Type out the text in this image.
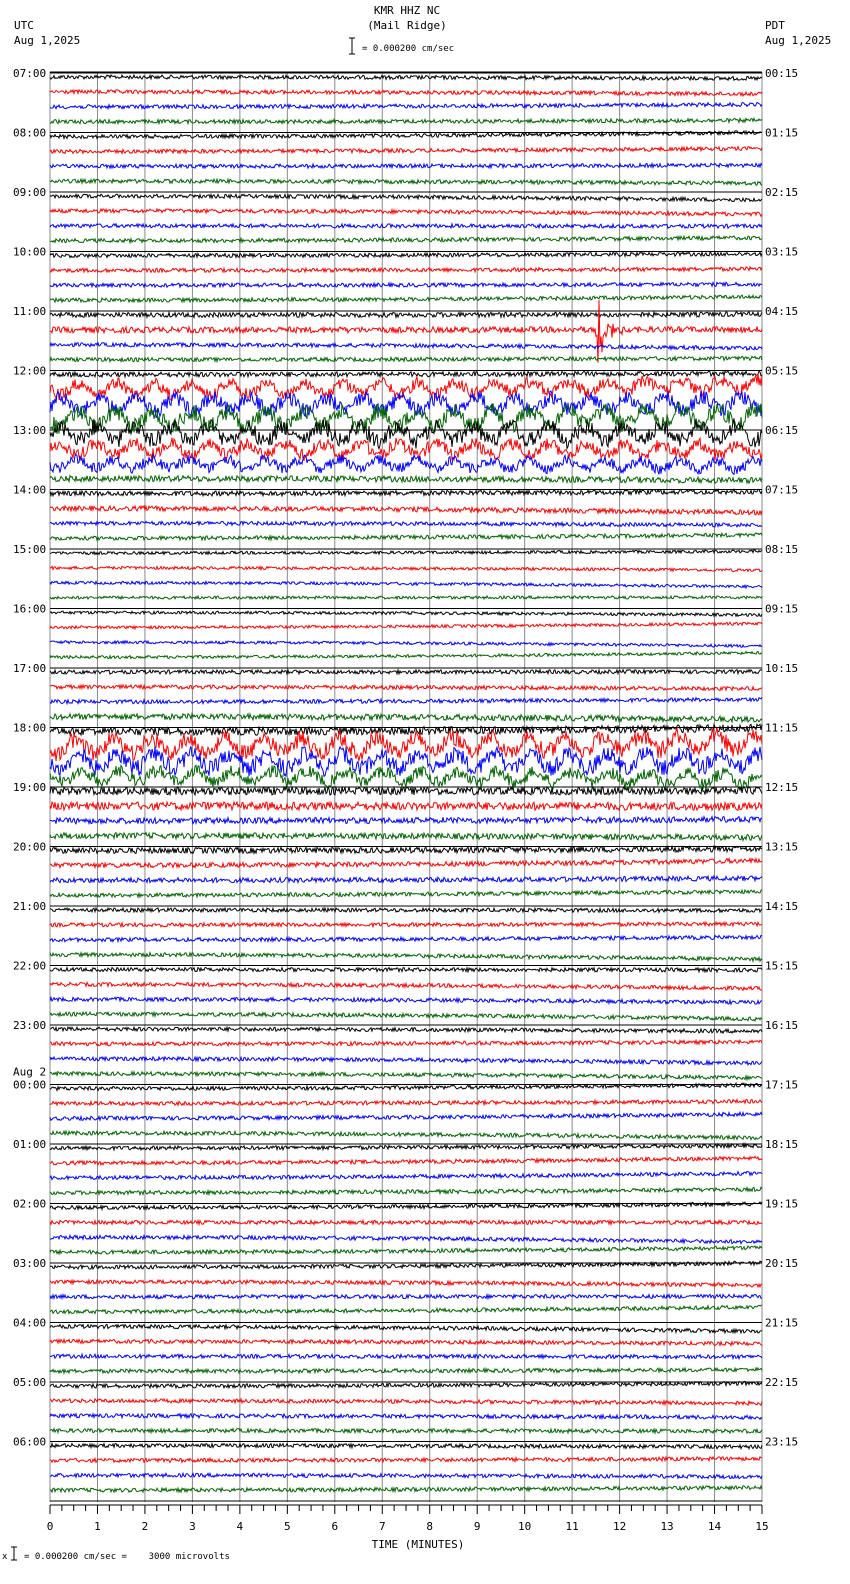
KMR HHZ NC
(Mail Ridge)
UTC
Aug 1,2025
PDT
Aug 1,2025
= 0.000200 cm/sec
07:00	00:15
08:00	01:15
09:00	02:15
10:00	03:15
11:00	04:15
12:00	05:15
13:00	06:15
14:00	07:15
15:00	08:15
16:00	09:15
17:00	10:15
18:00	11:15
19:00	12:15
20:00	13:15
21:00	14:15
22:00	15:15
23:00	16:15
00:00	17:15
01:00	18:15
02:00	19:15
03:00	20:15
04:00	21:15
05:00	22:15
06:00	23:15
Aug 2
0	1	2	3	4	5	6	7	8	9	10	11	12	13	14	15
TIME (MINUTES)
x = 0.000200 cm/sec =    3000 microvolts
